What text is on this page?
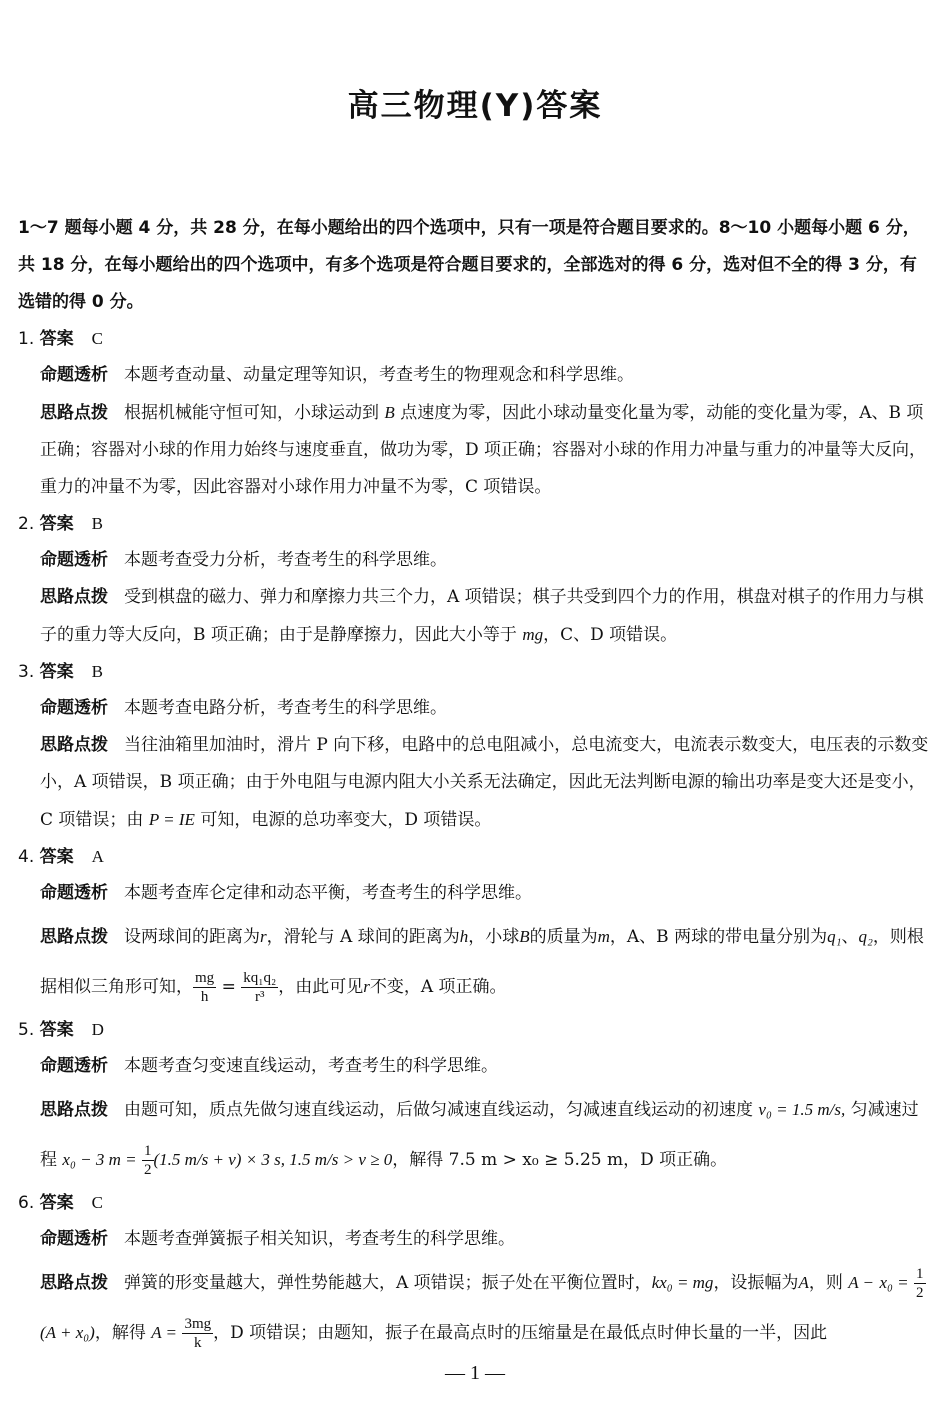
高三物理(Y)答案

1～7 题每小题 4 分，共 28 分，在每小题给出的四个选项中，只有一项是符合题目要求的。8～10 小题每小题 6 分，共 18 分，在每小题给出的四个选项中，有多个选项是符合题目要求的，全部选对的得 6 分，选对但不全的得 3 分，有选错的得 0 分。

1. 答案 C

命题透析 本题考查动量、动量定理等知识，考查考生的物理观念和科学思维。

思路点拨 根据机械能守恒可知，小球运动到 B 点速度为零，因此小球动量变化量为零，动能的变化量为零，A、B 项正确；容器对小球的作用力始终与速度垂直，做功为零，D 项正确；容器对小球的作用力冲量与重力的冲量等大反向，重力的冲量不为零，因此容器对小球作用力冲量不为零，C 项错误。

2. 答案 B

命题透析 本题考查受力分析，考查考生的科学思维。

思路点拨 受到棋盘的磁力、弹力和摩擦力共三个力，A 项错误；棋子共受到四个力的作用，棋盘对棋子的作用力与棋子的重力等大反向，B 项正确；由于是静摩擦力，因此大小等于 mg，C、D 项错误。

3. 答案 B

命题透析 本题考查电路分析，考查考生的科学思维。

思路点拨 当往油箱里加油时，滑片 P 向下移，电路中的总电阻减小，总电流变大，电流表示数变大，电压表的示数变小，A 项错误，B 项正确；由于外电阻与电源内阻大小关系无法确定，因此无法判断电源的输出功率是变大还是变小，C 项错误；由 P = IE 可知，电源的总功率变大，D 项错误。

4. 答案 A

命题透析 本题考查库仑定律和动态平衡，考查考生的科学思维。

思路点拨 设两球间的距离为r，滑轮与 A 球间的距离为h，小球B的质量为m，A、B 两球的带电量分别为q₁、q₂，则根据相似三角形可知， $\frac{mg}{h} = \frac{\text{kq₁q₂}}{\text{r³}}$ ，由此可见r不变，A 项正确。

5. 答案 D

命题透析 本题考查匀变速直线运动，考查考生的科学思维。

思路点拨 由题可知，质点先做匀速直线运动，后做匀减速直线运动，匀减速直线运动的初速度 v₀ = 1.5 m/s, 匀减速过程 x₀ − 3 $m = \frac{1}{2} (1.5$ m/s + v) × 3 s, 1.5 m/s > v ≥ 0，解得 7.5 m > x₀ ≥ 5.25 m，D 项正确。

6. 答案 C

命题透析 本题考查弹簧振子相关知识，考查考生的科学思维。

思路点拨 弹簧的形变量越大，弹性势能越大，A 项错误；振子处在平衡位置时，kx₀ = mg，设振幅为A，则 $A - x_0 = \frac{1}{2}$
(A + x₀)，解得 $A = \frac{3mg}{k}$ ，D 项错误；由题知，振子在最高点时的压缩量是在最低点时伸长量的一半，因此

— 1 —
